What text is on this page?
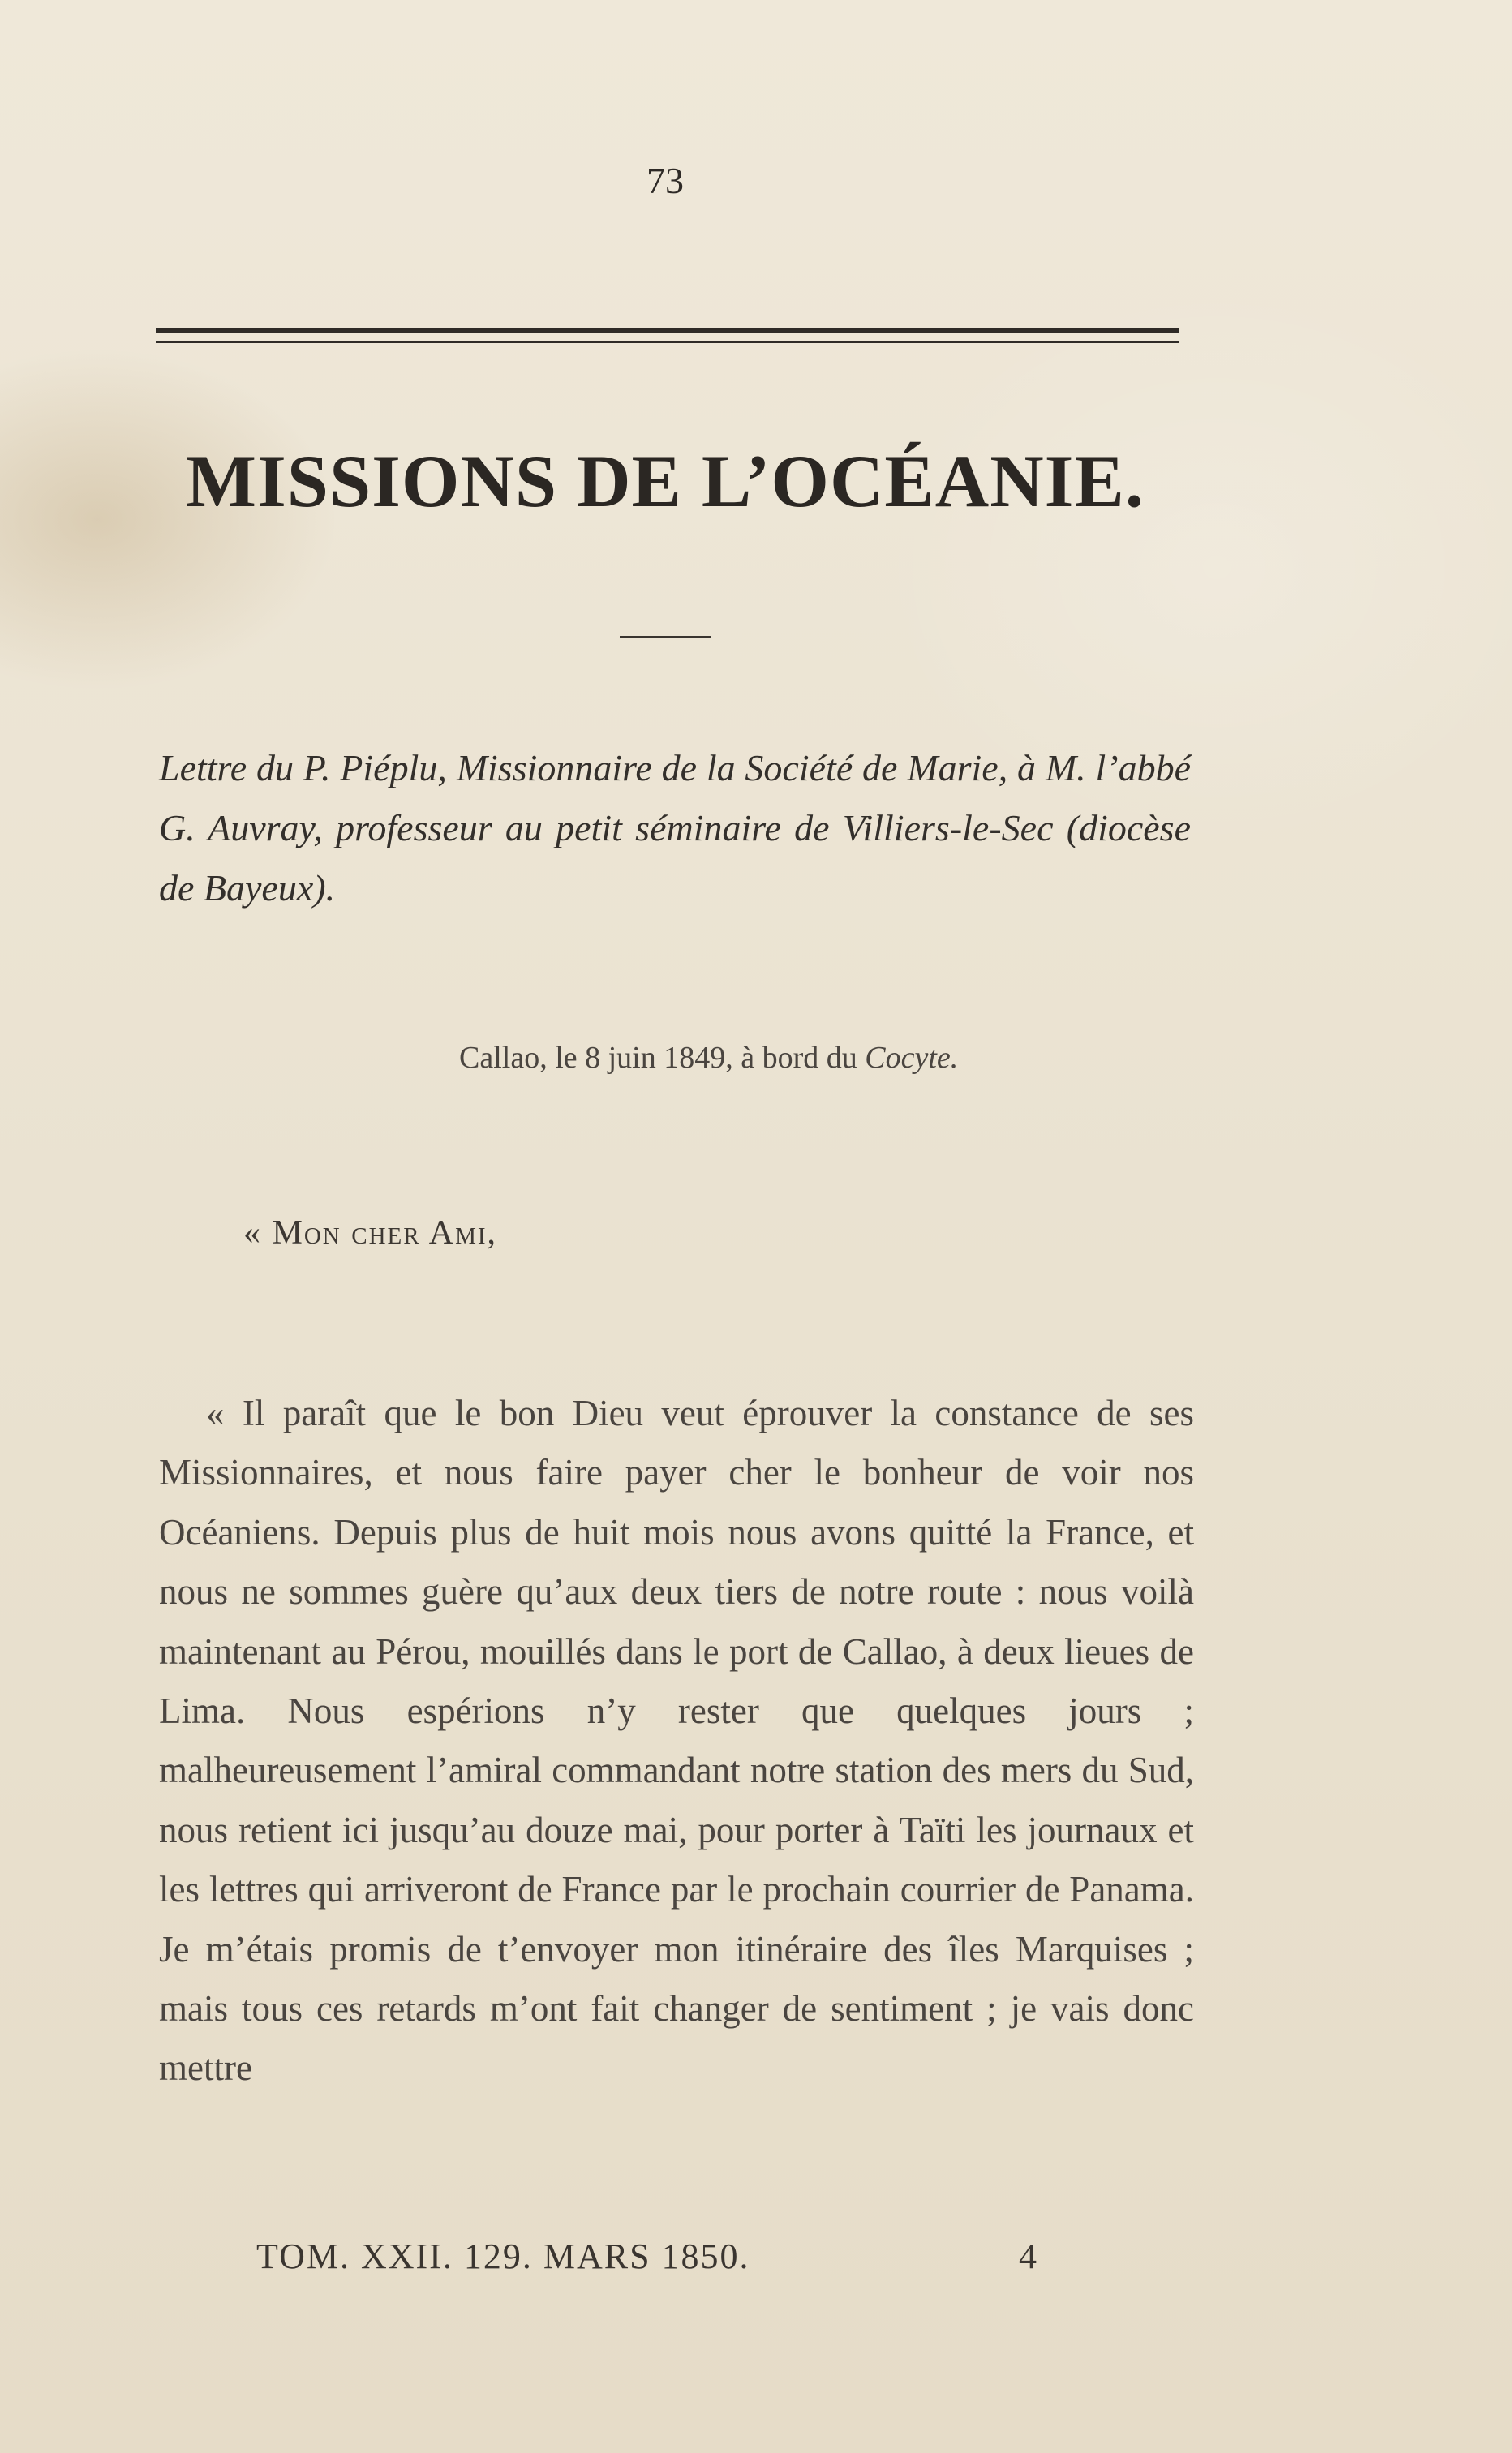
73
MISSIONS DE L’OCÉANIE.
Lettre du P. Piéplu, Missionnaire de la Société de Marie, à M. l’abbé G. Auvray, professeur au petit séminaire de Villiers-le-Sec (diocèse de Bayeux).
Callao, le 8 juin 1849, à bord du Cocyte.
« Mon cher Ami,

« Il paraît que le bon Dieu veut éprouver la constance de ses Missionnaires, et nous faire payer cher le bonheur de voir nos Océaniens. Depuis plus de huit mois nous avons quitté la France, et nous ne sommes guère qu’aux deux tiers de notre route : nous voilà maintenant au Pérou, mouillés dans le port de Callao, à deux lieues de Lima. Nous espérions n’y rester que quelques jours ; malheureusement l’amiral commandant notre station des mers du Sud, nous retient ici jusqu’au douze mai, pour porter à Taïti les journaux et les lettres qui arriveront de France par le prochain courrier de Panama. Je m’étais promis de t’envoyer mon itinéraire des îles Marquises ; mais tous ces retards m’ont fait changer de sentiment ; je vais donc mettre

TOM. XXII. 129. MARS 1850.	4
